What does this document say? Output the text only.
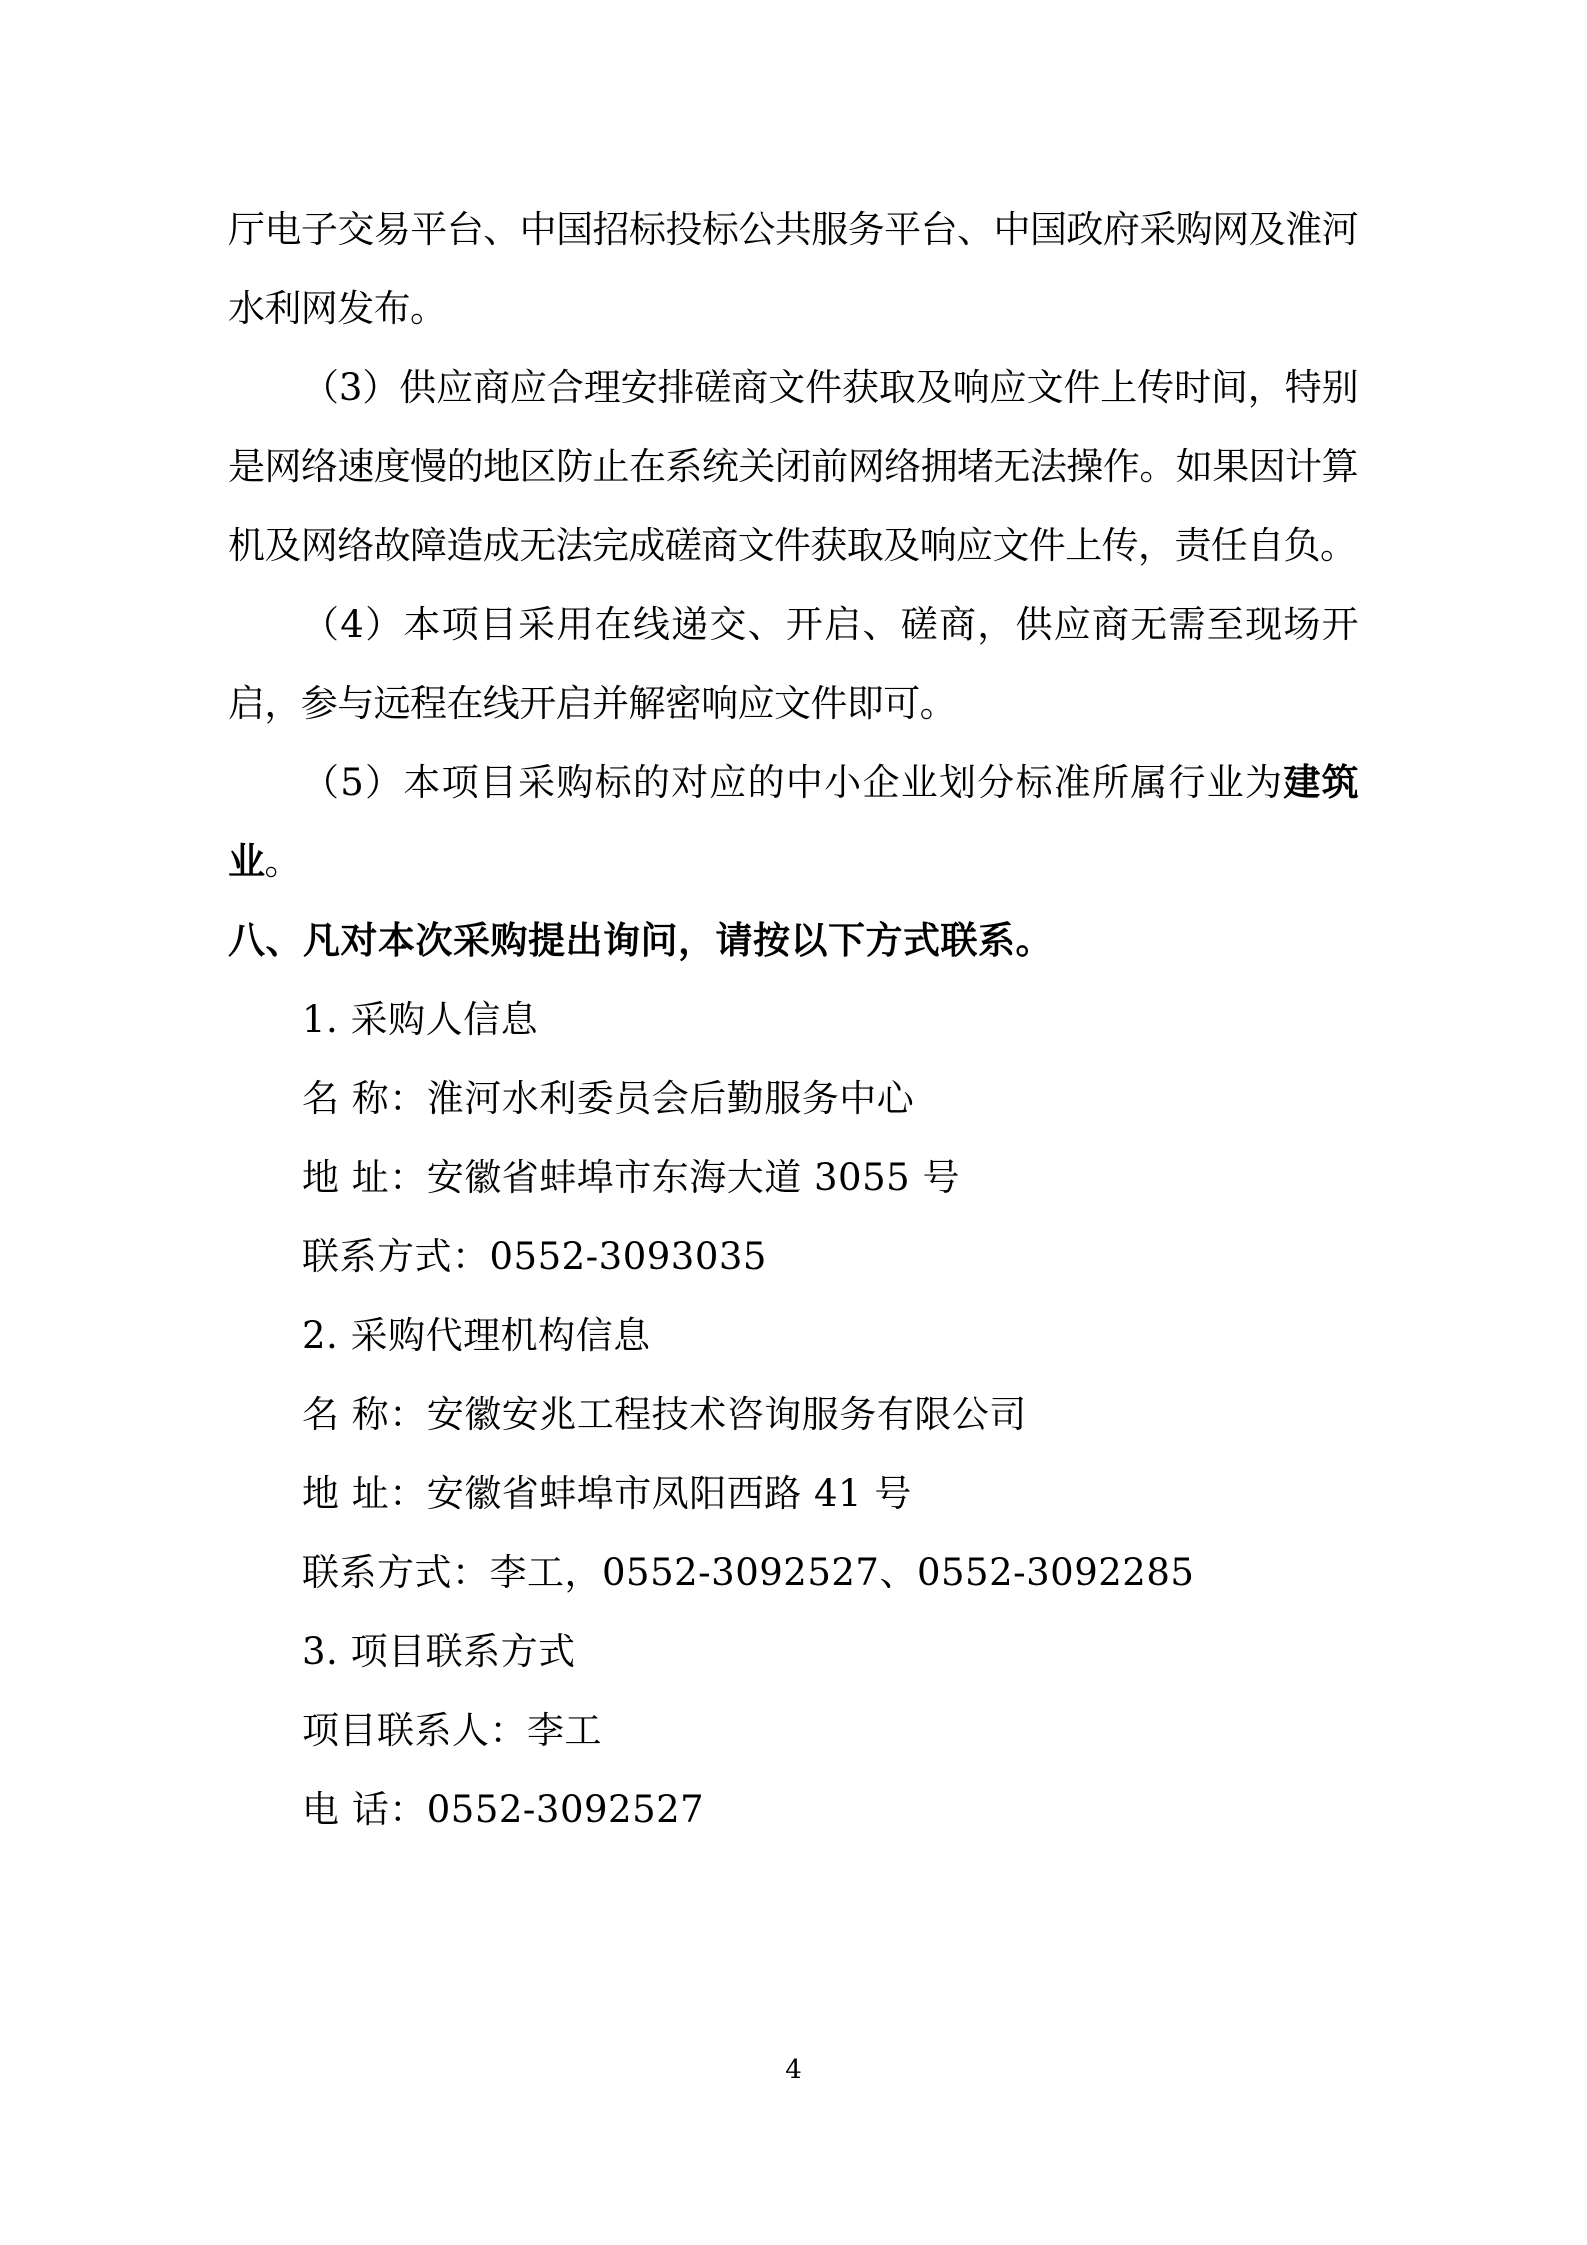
厅电子交易平台、中国招标投标公共服务平台、中国政府采购网及淮河水利网发布。

（3）供应商应合理安排磋商文件获取及响应文件上传时间，特别是网络速度慢的地区防止在系统关闭前网络拥堵无法操作。如果因计算机及网络故障造成无法完成磋商文件获取及响应文件上传，责任自负。

（4）本项目采用在线递交、开启、磋商，供应商无需至现场开启，参与远程在线开启并解密响应文件即可。

（5）本项目采购标的对应的中小企业划分标准所属行业为建筑业。

八、凡对本次采购提出询问，请按以下方式联系。

1. 采购人信息

名 称：淮河水利委员会后勤服务中心

地 址：安徽省蚌埠市东海大道 3055 号

联系方式：0552-3093035

2. 采购代理机构信息

名 称：安徽安兆工程技术咨询服务有限公司

地 址：安徽省蚌埠市凤阳西路 41 号

联系方式：李工，0552-3092527、0552-3092285

3. 项目联系方式

项目联系人：李工

电 话：0552-3092527

4
